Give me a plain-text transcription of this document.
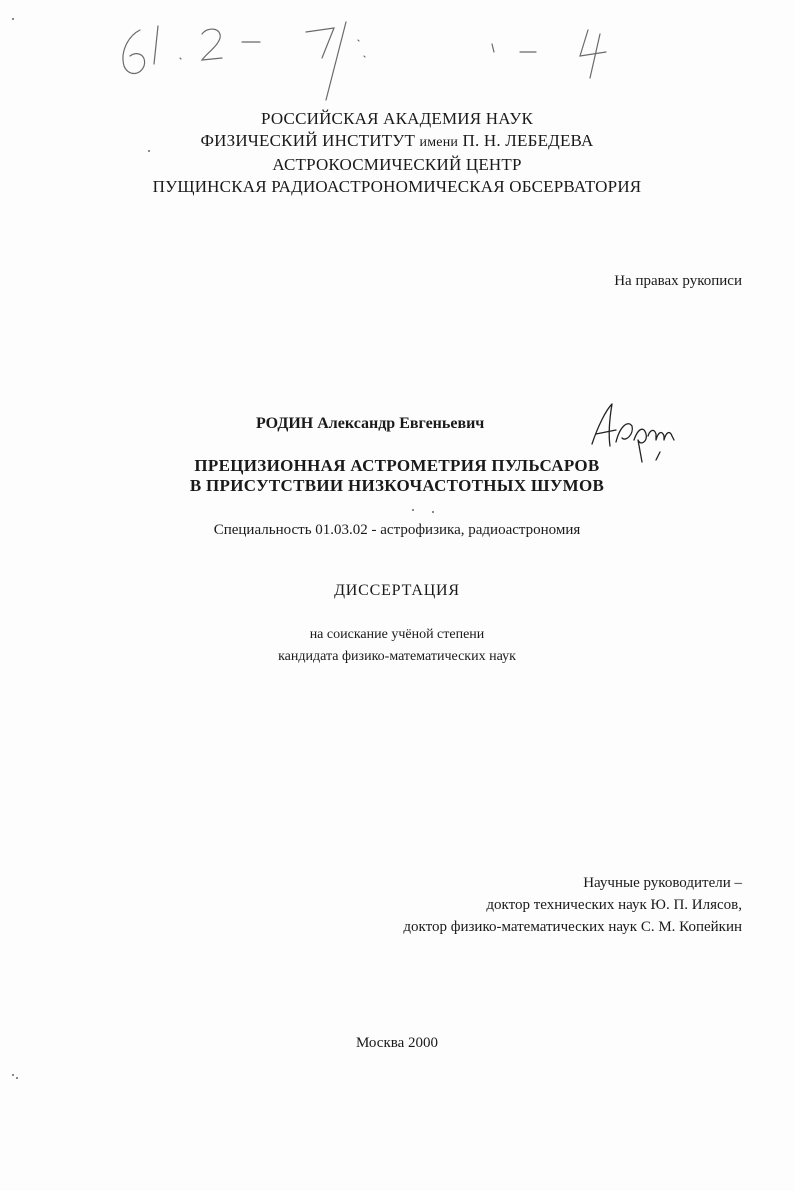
РОССИЙСКАЯ АКАДЕМИЯ НАУК
ФИЗИЧЕСКИЙ ИНСТИТУТ имени П. Н. ЛЕБЕДЕВА
АСТРОКОСМИЧЕСКИЙ ЦЕНТР
ПУЩИНСКАЯ РАДИОАСТРОНОМИЧЕСКАЯ ОБСЕРВАТОРИЯ
На правах рукописи
РОДИН Александр Евгеньевич
ПРЕЦИЗИОННАЯ АСТРОМЕТРИЯ ПУЛЬСАРОВ
В ПРИСУТСТВИИ НИЗКОЧАСТОТНЫХ ШУМОВ
Специальность 01.03.02 - астрофизика, радиоастрономия
ДИССЕРТАЦИЯ
на соискание учёной степени
кандидата физико-математических наук
Научные руководители –
доктор технических наук Ю. П. Илясов,
доктор физико-математических наук С. М. Копейкин
Москва 2000
